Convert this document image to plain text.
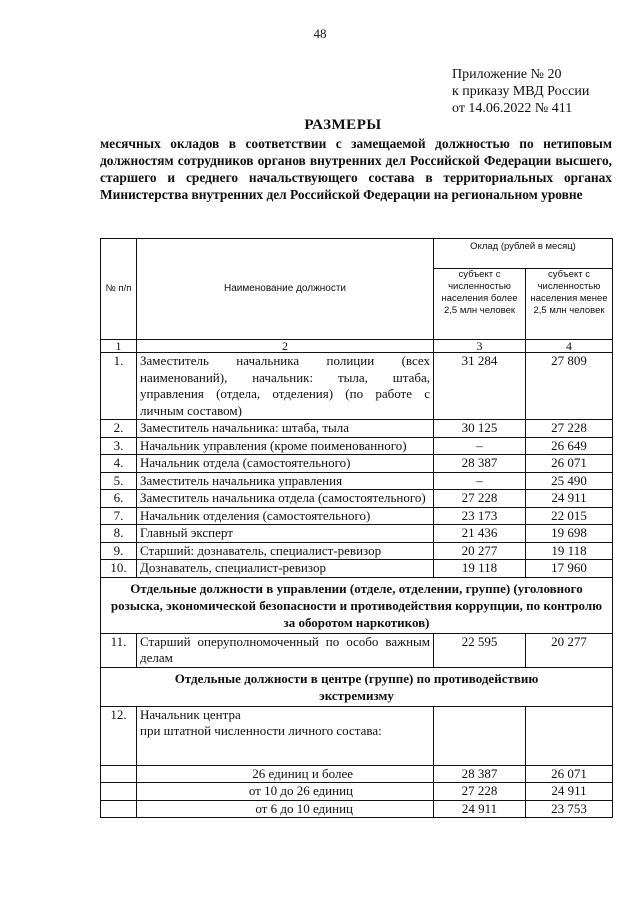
48
Приложение № 20
к приказу МВД России
от 14.06.2022 № 411
РАЗМЕРЫ
месячных окладов в соответствии с замещаемой должностью по нетиповым должностям сотрудников органов внутренних дел Российской Федерации высшего, старшего и среднего начальствующего состава в территориальных органах Министерства внутренних дел Российской Федерации на региональном уровне
№ п/п	Наименование должности	Оклад (рублей в месяц)	
		субъект с численностью населения более 2,5 млн человек	субъект с численностью населения менее 2,5 млн человек
1	2	3	4
1.	Заместитель начальника полиции (всех наименований), начальник: тыла, штаба, управления (отдела, отделения) (по работе с личным составом)	31 284	27 809
2.	Заместитель начальника: штаба, тыла	30 125	27 228
3.	Начальник управления (кроме поименованного)	–	26 649
4.	Начальник отдела (самостоятельного)	28 387	26 071
5.	Заместитель начальника управления	–	25 490
6.	Заместитель начальника отдела (самостоятельного)	27 228	24 911
7.	Начальник отделения (самостоятельного)	23 173	22 015
8.	Главный эксперт	21 436	19 698
9.	Старший: дознаватель, специалист-ревизор	20 277	19 118
10.	Дознаватель, специалист-ревизор	19 118	17 960
Отдельные должности в управлении (отделе, отделении, группе) (уголовного розыска, экономической безопасности и противодействия коррупции, по контролю за оборотом наркотиков)			
11.	Старший оперуполномоченный по особо важным делам	22 595	20 277
Отдельные должности в центре (группе) по противодействию экстремизму			
12.	Начальник центра
при штатной численности личного состава:		

	26 единиц и более	28 387	26 071
	от 10 до 26 единиц	27 228	24 911
	от 6 до 10 единиц	24 911	23 753
